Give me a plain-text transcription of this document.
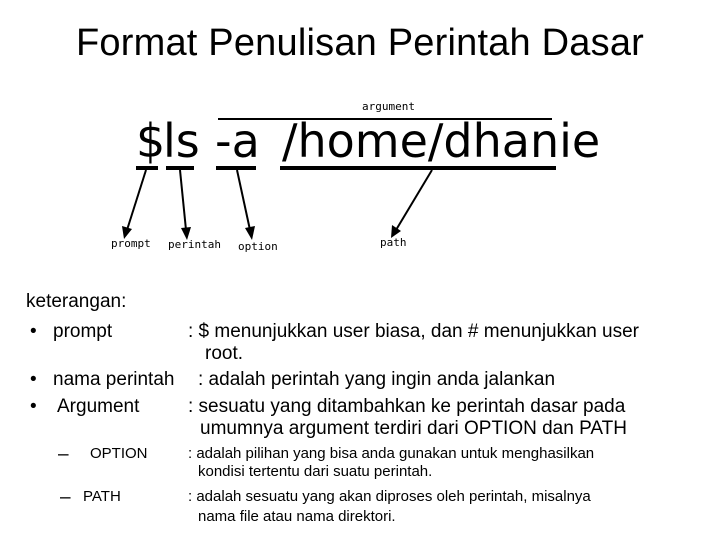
Format Penulisan Perintah Dasar
argument
$
ls -a /home/dhanie
prompt perintah option	path
keterangan:
• prompt	: $ menunjukkan user biasa, dan # menunjukkan user
root.
• nama perintah : adalah perintah yang ingin anda jalankan
• Argument	: sesuatu yang ditambahkan ke perintah dasar pada
umumnya argument terdiri dari OPTION dan PATH
– OPTION	: adalah pilihan yang bisa anda gunakan untuk menghasilkan
kondisi tertentu dari suatu perintah.
– PATH	: adalah sesuatu yang akan diproses oleh perintah, misalnya
nama file atau nama direktori.
